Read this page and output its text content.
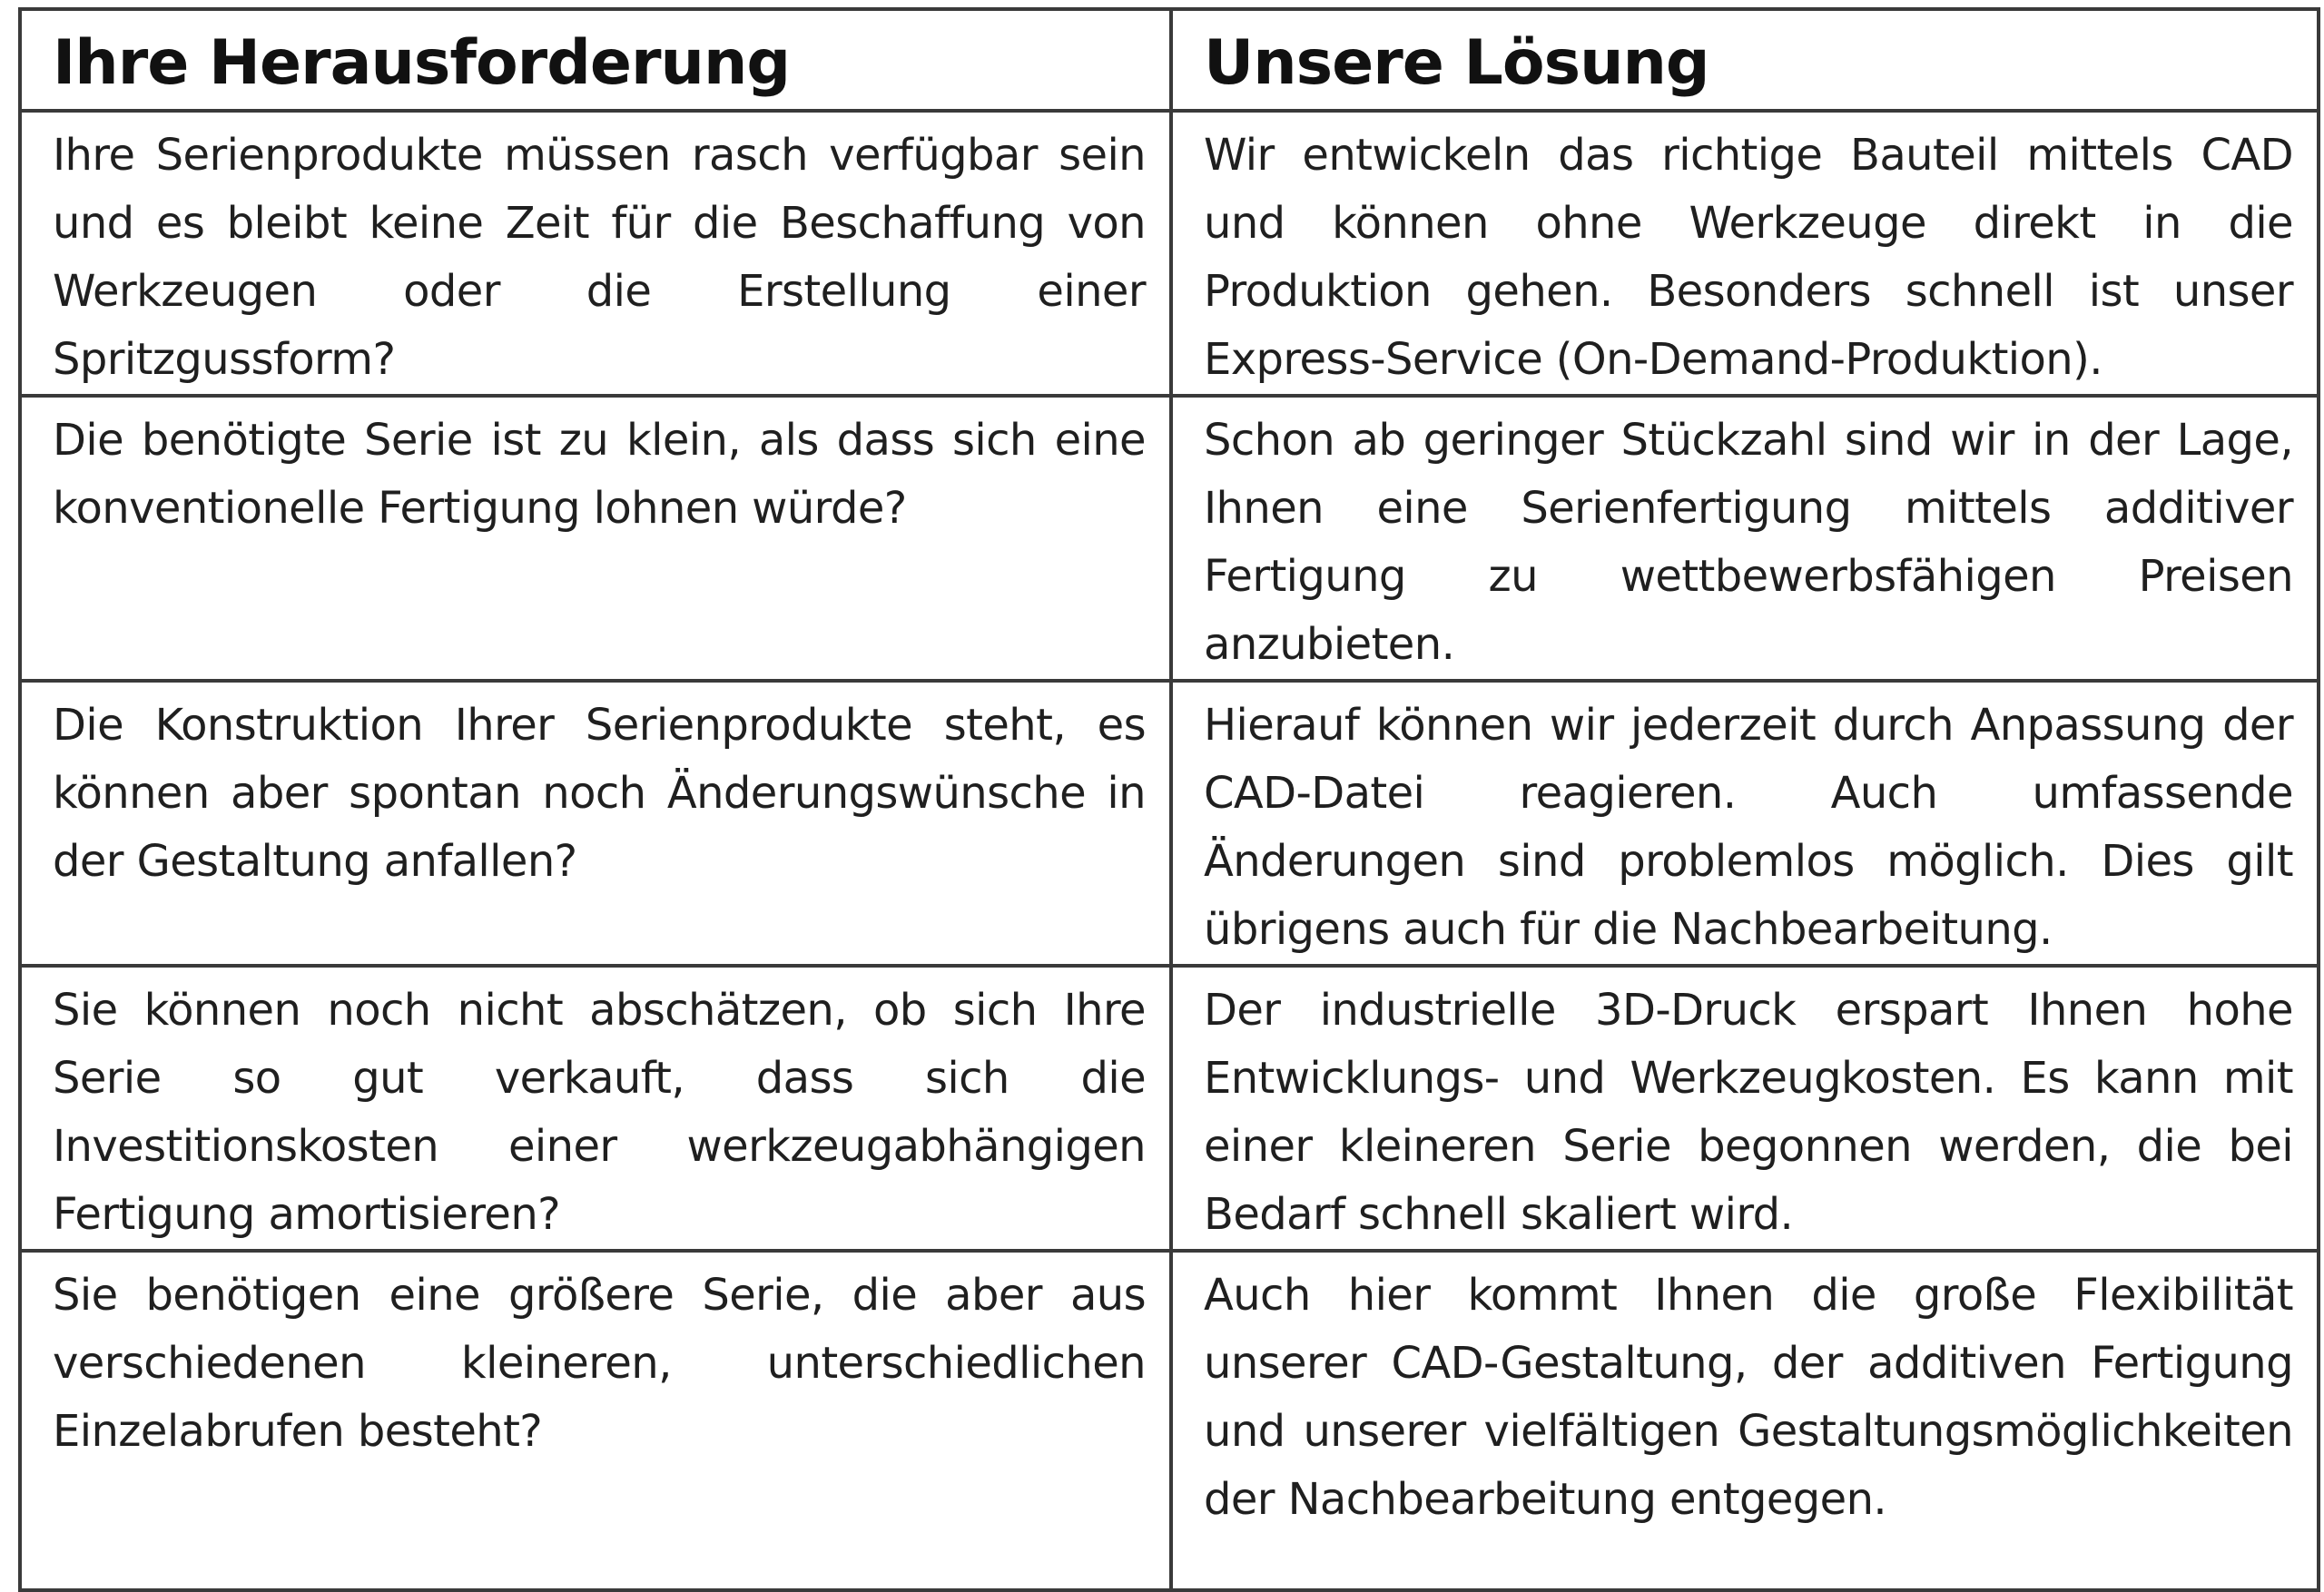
Ihre Herausforderung	Unsere Lösung
Ihre Serienprodukte müssen rasch verfügbar sein und es bleibt keine Zeit für die Beschaffung von Werkzeugen oder die Erstellung einer Spritzgussform?	Wir entwickeln das richtige Bauteil mittels CAD und können ohne Werkzeuge direkt in die Produktion gehen. Besonders schnell ist unser Express-Service (On-Demand-Produktion).
Die benötigte Serie ist zu klein, als dass sich eine konventionelle Fertigung lohnen würde?	Schon ab geringer Stückzahl sind wir in der Lage, Ihnen eine Serienfertigung mittels additiver Fertigung zu wettbewerbsfähigen Preisen anzubieten.
Die Konstruktion Ihrer Serienprodukte steht, es können aber spontan noch Änderungswünsche in der Gestaltung anfallen?	Hierauf können wir jederzeit durch Anpassung der CAD-Datei reagieren. Auch umfassende Änderungen sind problemlos möglich. Dies gilt übrigens auch für die Nachbearbeitung.
Sie können noch nicht abschätzen, ob sich Ihre Serie so gut verkauft, dass sich die Investitionskosten einer werkzeugabhängigen Fertigung amortisieren?	Der industrielle 3D-Druck erspart Ihnen hohe Entwicklungs- und Werkzeugkosten. Es kann mit einer kleineren Serie begonnen werden, die bei Bedarf schnell skaliert wird.
Sie benötigen eine größere Serie, die aber aus verschiedenen kleineren, unterschiedlichen Einzelabrufen besteht?	Auch hier kommt Ihnen die große Flexibilität unserer CAD-Gestaltung, der additiven Fertigung und unserer vielfältigen Gestaltungsmöglichkeiten der Nachbearbeitung entgegen.
